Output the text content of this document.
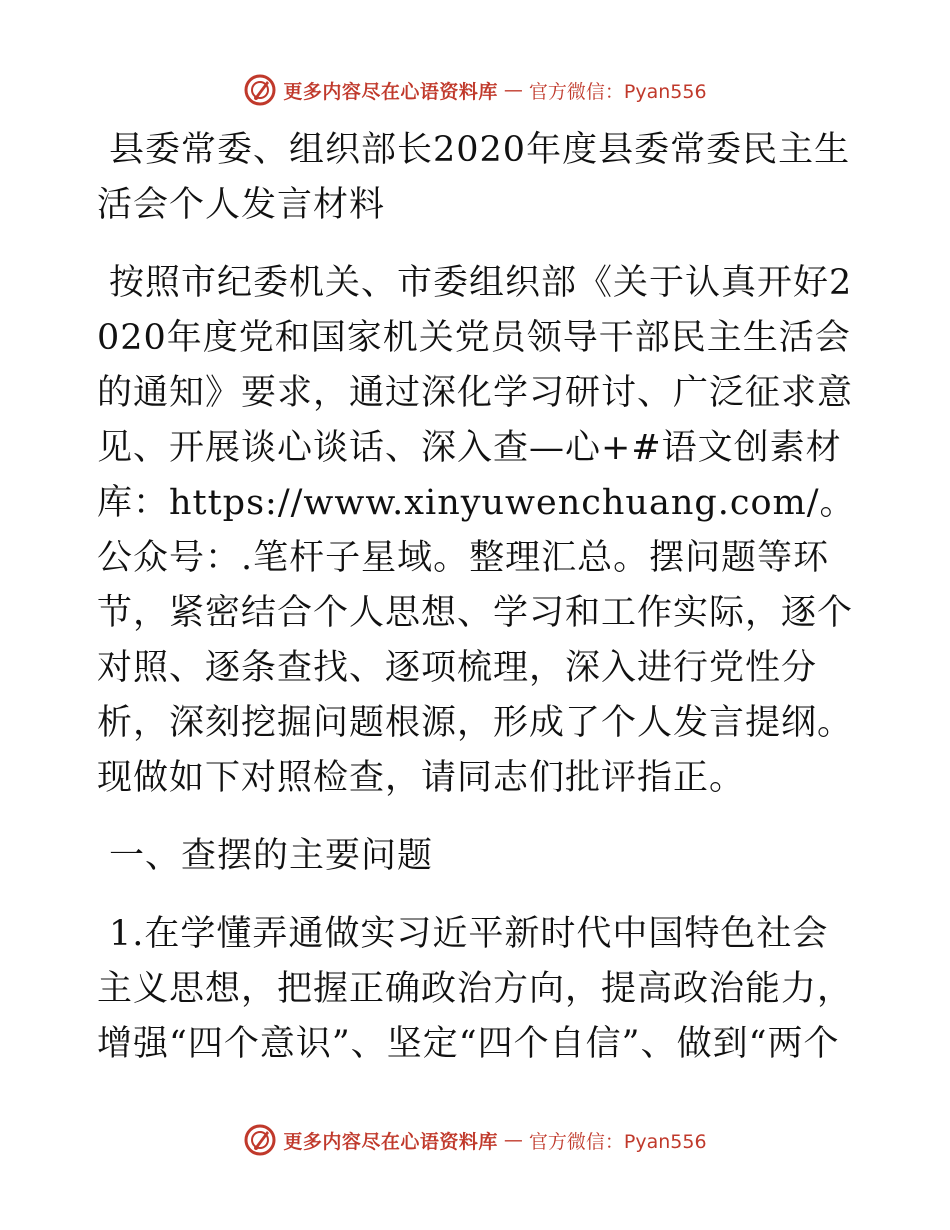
更多内容尽在心语资料库 — 官方微信：Pyan556

县委常委、组织部长2020年度县委常委民主生活会个人发言材料

按照市纪委机关、市委组织部《关于认真开好2020年度党和国家机关党员领导干部民主生活会的通知》要求，通过深化学习研讨、广泛征求意见、开展谈心谈话、深入查—心+#语文创素材库：https://www.xinyuwenchuang.com/。公众号：.笔杆子星域。整理汇总。摆问题等环节，紧密结合个人思想、学习和工作实际，逐个对照、逐条查找、逐项梳理，深入进行党性分析，深刻挖掘问题根源，形成了个人发言提纲。现做如下对照检查，请同志们批评指正。

一、查摆的主要问题

1.在学懂弄通做实习近平新时代中国特色社会主义思想，把握正确政治方向，提高政治能力，增强“四个意识”、坚定“四个自信”、做到“两个

更多内容尽在心语资料库 — 官方微信：Pyan556
